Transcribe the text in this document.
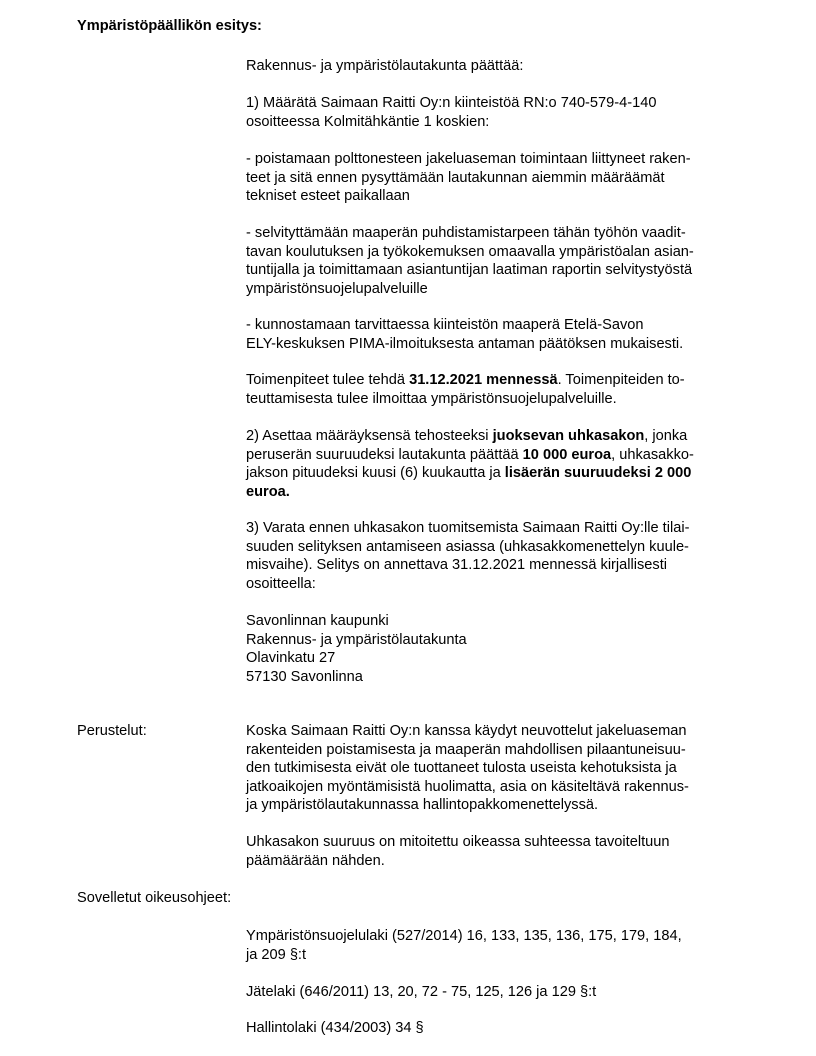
Ympäristöpäällikön esitys:

Rakennus- ja ympäristölautakunta päättää:

1) Määrätä Saimaan Raitti Oy:n kiinteistöä RN:o 740-579-4-140

osoitteessa Kolmitähkäntie 1 koskien:

- poistamaan polttonesteen jakeluaseman toimintaan liittyneet raken-

teet ja sitä ennen pysyttämään lautakunnan aiemmin määräämät

tekniset esteet paikallaan

- selvityttämään maaperän puhdistamistarpeen tähän työhön vaadit-

tavan koulutuksen ja työkokemuksen omaavalla ympäristöalan asian-

tuntijalla ja toimittamaan asiantuntijan laatiman raportin selvitystyöstä

ympäristönsuojelupalveluille

- kunnostamaan tarvittaessa kiinteistön maaperä Etelä-Savon

ELY-keskuksen PIMA-ilmoituksesta antaman päätöksen mukaisesti.

Toimenpiteet tulee tehdä 31.12.2021 mennessä. Toimenpiteiden to-

teuttamisesta tulee ilmoittaa ympäristönsuojelupalveluille.

2) Asettaa määräyksensä tehosteeksi juoksevan uhkasakon, jonka

peruserän suuruudeksi lautakunta päättää 10 000 euroa, uhkasakko-

jakson pituudeksi kuusi (6) kuukautta ja lisäerän suuruudeksi 2 000

euroa.

3) Varata ennen uhkasakon tuomitsemista Saimaan Raitti Oy:lle tilai-

suuden selityksen antamiseen asiassa (uhkasakkomenettelyn kuule-

misvaihe). Selitys on annettava 31.12.2021 mennessä kirjallisesti

osoitteella:

Savonlinnan kaupunki

Rakennus- ja ympäristölautakunta

Olavinkatu 27

57130 Savonlinna

Perustelut:	Koska Saimaan Raitti Oy:n kanssa käydyt neuvottelut jakeluaseman

rakenteiden poistamisesta ja maaperän mahdollisen pilaantuneisuu-

den tutkimisesta eivät ole tuottaneet tulosta useista kehotuksista ja

jatkoaikojen myöntämisistä huolimatta, asia on käsiteltävä rakennus-

ja ympäristölautakunnassa hallintopakkomenettelyssä.

Uhkasakon suuruus on mitoitettu oikeassa suhteessa tavoiteltuun

päämäärään nähden.

Sovelletut oikeusohjeet:

Ympäristönsuojelulaki (527/2014) 16, 133, 135, 136, 175, 179, 184,

ja 209 §:t

Jätelaki (646/2011) 13, 20, 72 - 75, 125, 126 ja 129 §:t

Hallintolaki (434/2003) 34 §
